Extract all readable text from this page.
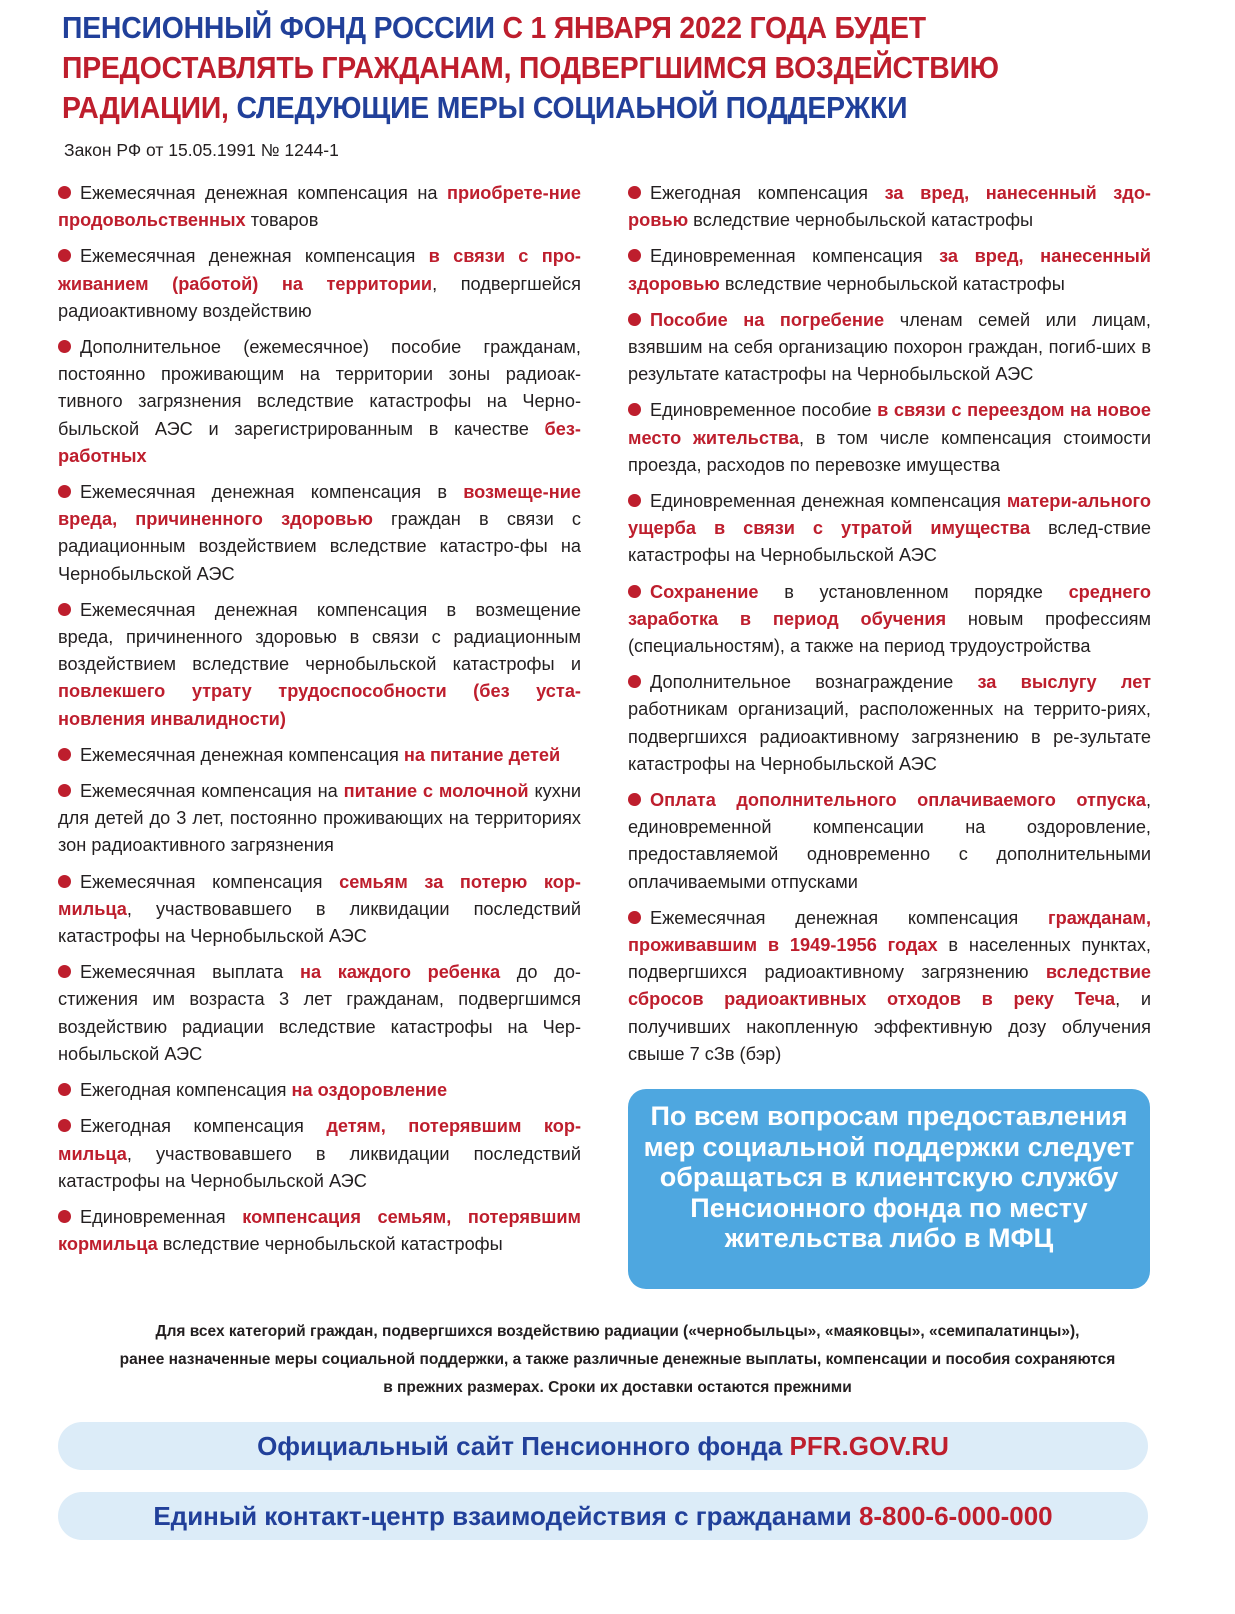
ПЕНСИОННЫЙ ФОНД РОССИИ С 1 ЯНВАРЯ 2022 ГОДА БУДЕТ ПРЕДОСТАВЛЯТЬ ГРАЖДАНАМ, ПОДВЕРГШИМСЯ ВОЗДЕЙСТВИЮ РАДИАЦИИ, СЛЕДУЮЩИЕ МЕРЫ СОЦИАЬНОЙ ПОДДЕРЖКИ
Закон РФ от 15.05.1991 № 1244-1
Ежемесячная денежная компенсация на приобрете-ние продовольственных товаров
Ежемесячная денежная компенсация в связи с про-живанием (работой) на территории, подвергшейся радиоактивному воздействию
Дополнительное (ежемесячное) пособие гражданам, постоянно проживающим на территории зоны радиоак-тивного загрязнения вследствие катастрофы на Черно-быльской АЭС и зарегистрированным в качестве без-работных
Ежемесячная денежная компенсация в возмеще-ние вреда, причиненного здоровью граждан в связи с радиационным воздействием вследствие катастро-фы на Чернобыльской АЭС
Ежемесячная денежная компенсация в возмещение вреда, причиненного здоровью в связи с радиационным воздействием вследствие чернобыльской катастрофы и повлекшего утрату трудоспособности (без уста-новления инвалидности)
Ежемесячная денежная компенсация на питание детей
Ежемесячная компенсация на питание с молочной кухни для детей до 3 лет, постоянно проживающих на территориях зон радиоактивного загрязнения
Ежемесячная компенсация семьям за потерю кор-мильца, участвовавшего в ликвидации последствий катастрофы на Чернобыльской АЭС
Ежемесячная выплата на каждого ребенка до до-стижения им возраста 3 лет гражданам, подвергшимся воздействию радиации вследствие катастрофы на Чер-нобыльской АЭС
Ежегодная компенсация на оздоровление
Ежегодная компенсация детям, потерявшим кор-мильца, участвовавшего в ликвидации последствий катастрофы на Чернобыльской АЭС
Единовременная компенсация семьям, потерявшим кормильца вследствие чернобыльской катастрофы
Ежегодная компенсация за вред, нанесенный здо-ровью вследствие чернобыльской катастрофы
Единовременная компенсация за вред, нанесенный здоровью вследствие чернобыльской катастрофы
Пособие на погребение членам семей или лицам, взявшим на себя организацию похорон граждан, погиб-ших в результате катастрофы на Чернобыльской АЭС
Единовременное пособие в связи с переездом на новое место жительства, в том числе компенсация стоимости проезда, расходов по перевозке имущества
Единовременная денежная компенсация матери-ального ущерба в связи с утратой имущества вслед-ствие катастрофы на Чернобыльской АЭС
Сохранение в установленном порядке среднего заработка в период обучения новым профессиям (специальностям), а также на период трудоустройства
Дополнительное вознаграждение за выслугу лет работникам организаций, расположенных на террито-риях, подвергшихся радиоактивному загрязнению в ре-зультате катастрофы на Чернобыльской АЭС
Оплата дополнительного оплачиваемого отпуска, единовременной компенсации на оздоровление, предоставляемой одновременно с дополнительными оплачиваемыми отпусками
Ежемесячная денежная компенсация гражданам, проживавшим в 1949-1956 годах в населенных пунктах, подвергшихся радиоактивному загрязнению вследствие сбросов радиоактивных отходов в реку Теча, и получивших накопленную эффективную дозу облучения свыше 7 сЗв (бэр)
По всем вопросам предоставления мер социальной поддержки следует обращаться в клиентскую службу Пенсионного фонда по месту жительства либо в МФЦ
Для всех категорий граждан, подвергшихся воздействию радиации («чернобыльцы», «маяковцы», «семипалатинцы»),
ранее назначенные меры социальной поддержки, а также различные денежные выплаты, компенсации и пособия сохраняются
в прежних размерах. Сроки их доставки остаются прежними
Официальный сайт Пенсионного фонда PFR.GOV.RU
Единый контакт-центр взаимодействия с гражданами 8-800-6-000-000
